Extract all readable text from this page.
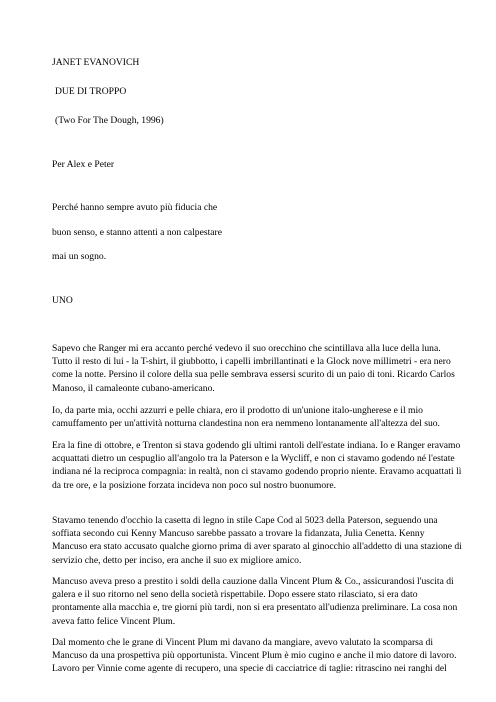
JANET EVANOVICH
DUE DI TROPPO
(Two For The Dough, 1996)
Per Alex e Peter
Perché hanno sempre avuto più fiducia che
buon senso, e stanno attenti a non calpestare
mai un sogno.
UNO
Sapevo che Ranger mi era accanto perché vedevo il suo orecchino che scintillava alla luce della luna. Tutto il resto di lui - la T-shirt, il giubbotto, i capelli imbrillantinati e la Glock nove millimetri - era nero come la notte. Persino il colore della sua pelle sembrava essersi scurito di un paio di toni. Ricardo Carlos Manoso, il camaleonte cubano-americano.
Io, da parte mia, occhi azzurri e pelle chiara, ero il prodotto di un'unione italo-ungherese e il mio camuffamento per un'attività notturna clandestina non era nemmeno lontanamente all'altezza del suo.
Era la fine di ottobre, e Trenton si stava godendo gli ultimi rantoli dell'estate indiana. Io e Ranger eravamo acquattati dietro un cespuglio all'angolo tra la Paterson e la Wycliff, e non ci stavamo godendo né l'estate indiana né la reciproca compagnia: in realtà, non ci stavamo godendo proprio niente. Eravamo acquattati lì da tre ore, e la posizione forzata incideva non poco sul nostro buonumore.
Stavamo tenendo d'occhio la casetta di legno in stile Cape Cod al 5023 della Paterson, seguendo una soffiata secondo cui Kenny Mancuso sarebbe passato a trovare la fidanzata, Julia Cenetta. Kenny Mancuso era stato accusato qualche giorno prima di aver sparato al ginocchio all'addetto di una stazione di servizio che, detto per inciso, era anche il suo ex migliore amico.
Mancuso aveva preso a prestito i soldi della cauzione dalla Vincent Plum & Co., assicurandosi l'uscita di galera e il suo ritorno nel seno della società rispettabile. Dopo essere stato rilasciato, si era dato prontamente alla macchia e, tre giorni più tardi, non si era presentato all'udienza preliminare. La cosa non aveva fatto felice Vincent Plum.
Dal momento che le grane di Vincent Plum mi davano da mangiare, avevo valutato la scomparsa di Mancuso da una prospettiva più opportunista. Vincent Plum è mio cugino e anche il mio datore di lavoro. Lavoro per Vinnie come agente di recupero, una specie di cacciatrice di taglie: ritrascino nei ranghi del
